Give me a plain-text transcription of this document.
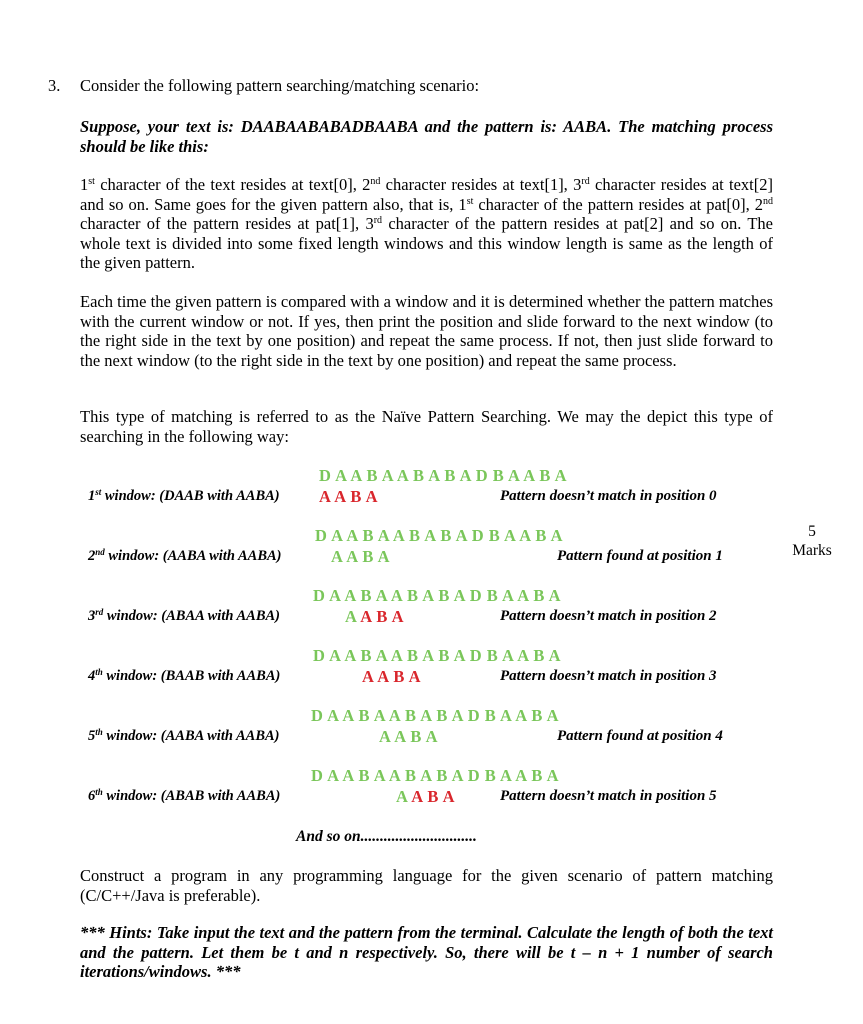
3. Consider the following pattern searching/matching scenario:
Suppose, your text is: DAABAABABADBAABA and the pattern is: AABA. The matching process should be like this:
1st character of the text resides at text[0], 2nd character resides at text[1], 3rd character resides at text[2] and so on. Same goes for the given pattern also, that is, 1st character of the pattern resides at pat[0], 2nd character of the pattern resides at pat[1], 3rd character of the pattern resides at pat[2] and so on. The whole text is divided into some fixed length windows and this window length is same as the length of the given pattern.
Each time the given pattern is compared with a window and it is determined whether the pattern matches with the current window or not. If yes, then print the position and slide forward to the next window (to the right side in the text by one position) and repeat the same process. If not, then just slide forward to the next window (to the right side in the text by one position) and repeat the same process.
This type of matching is referred to as the Naïve Pattern Searching. We may the depict this type of searching in the following way:
D A A B A A B A B A D B A A B A
1st window: (DAAB with AABA) A A B A	Pattern doesn’t match in position 0
D A A B A A B A B A D B A A B A
2nd window: (AABA with AABA)	A A B A	Pattern found at position 1
D A A B A A B A B A D B A A B A
3rd window: (ABAA with AABA)	A A B A	Pattern doesn’t match in position 2
D A A B A A B A B A D B A A B A
4th window: (BAAB with AABA)	A A B A	Pattern doesn’t match in position 3
D A A B A A B A B A D B A A B A
5th window: (AABA with AABA)	A A B A	Pattern found at position 4
D A A B A A B A B A D B A A B A
6th window: (ABAB with AABA)	A A B A	Pattern doesn’t match in position 5
5
Marks
And so on..............................
Construct a program in any programming language for the given scenario of pattern matching (C/C++/Java is preferable).
*** Hints: Take input the text and the pattern from the terminal. Calculate the length of both the text and the pattern. Let them be t and n respectively. So, there will be t – n + 1 number of search iterations/windows. ***
